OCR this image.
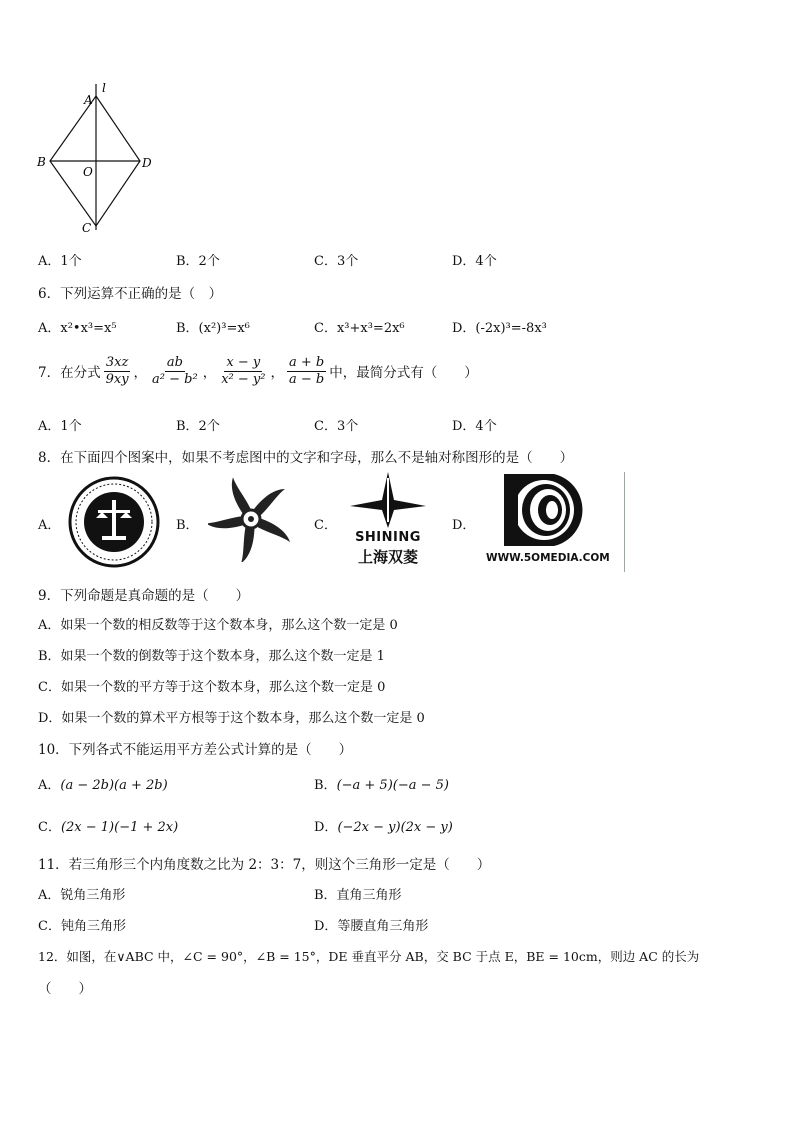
A
l
B
O
D
C
A．1个	B．2个	C．3个	D．4个
6．下列运算不正确的是（　）
A．x²•x³=x⁵	B．(x²)³=x⁶	C．x³+x³=2x⁶	D．(-2x)³=-8x³
7．在分式 $\frac{3xz}{9xy}$ ， $\frac{ab}{\text{a² − b²}}$ ， $\frac{x - y}{\text{x² − y²}}$ ， $\frac{a + b}{a - b}$ 中，最简分式有（　　）
A．1个	B．2个	C．3个	D．4个
8．在下面四个图案中，如果不考虑图中的文字和字母，那么不是轴对称图形的是（　　）
A．	B．	C．
SHINING
上海双菱
D．
WWW.5OMEDIA.COM
9．下列命题是真命题的是（　　）
A．如果一个数的相反数等于这个数本身，那么这个数一定是 0
B．如果一个数的倒数等于这个数本身，那么这个数一定是 1
C．如果一个数的平方等于这个数本身，那么这个数一定是 0
D．如果一个数的算术平方根等于这个数本身，那么这个数一定是 0
10．下列各式不能运用平方差公式计算的是（　　）
A．(a − 2b)(a + 2b)	B．(−a + 5)(−a − 5)
C．(2x − 1)(−1 + 2x)	D．(−2x − y)(2x − y)
11．若三角形三个内角度数之比为 2：3：7，则这个三角形一定是（　　）
A．锐角三角形	B．直角三角形
C．钝角三角形	D．等腰直角三角形
12．如图，在∨ABC 中，∠C = 90°，∠B = 15°，DE 垂直平分 AB，交 BC 于点 E，BE = 10cm，则边 AC 的长为
（　　）
